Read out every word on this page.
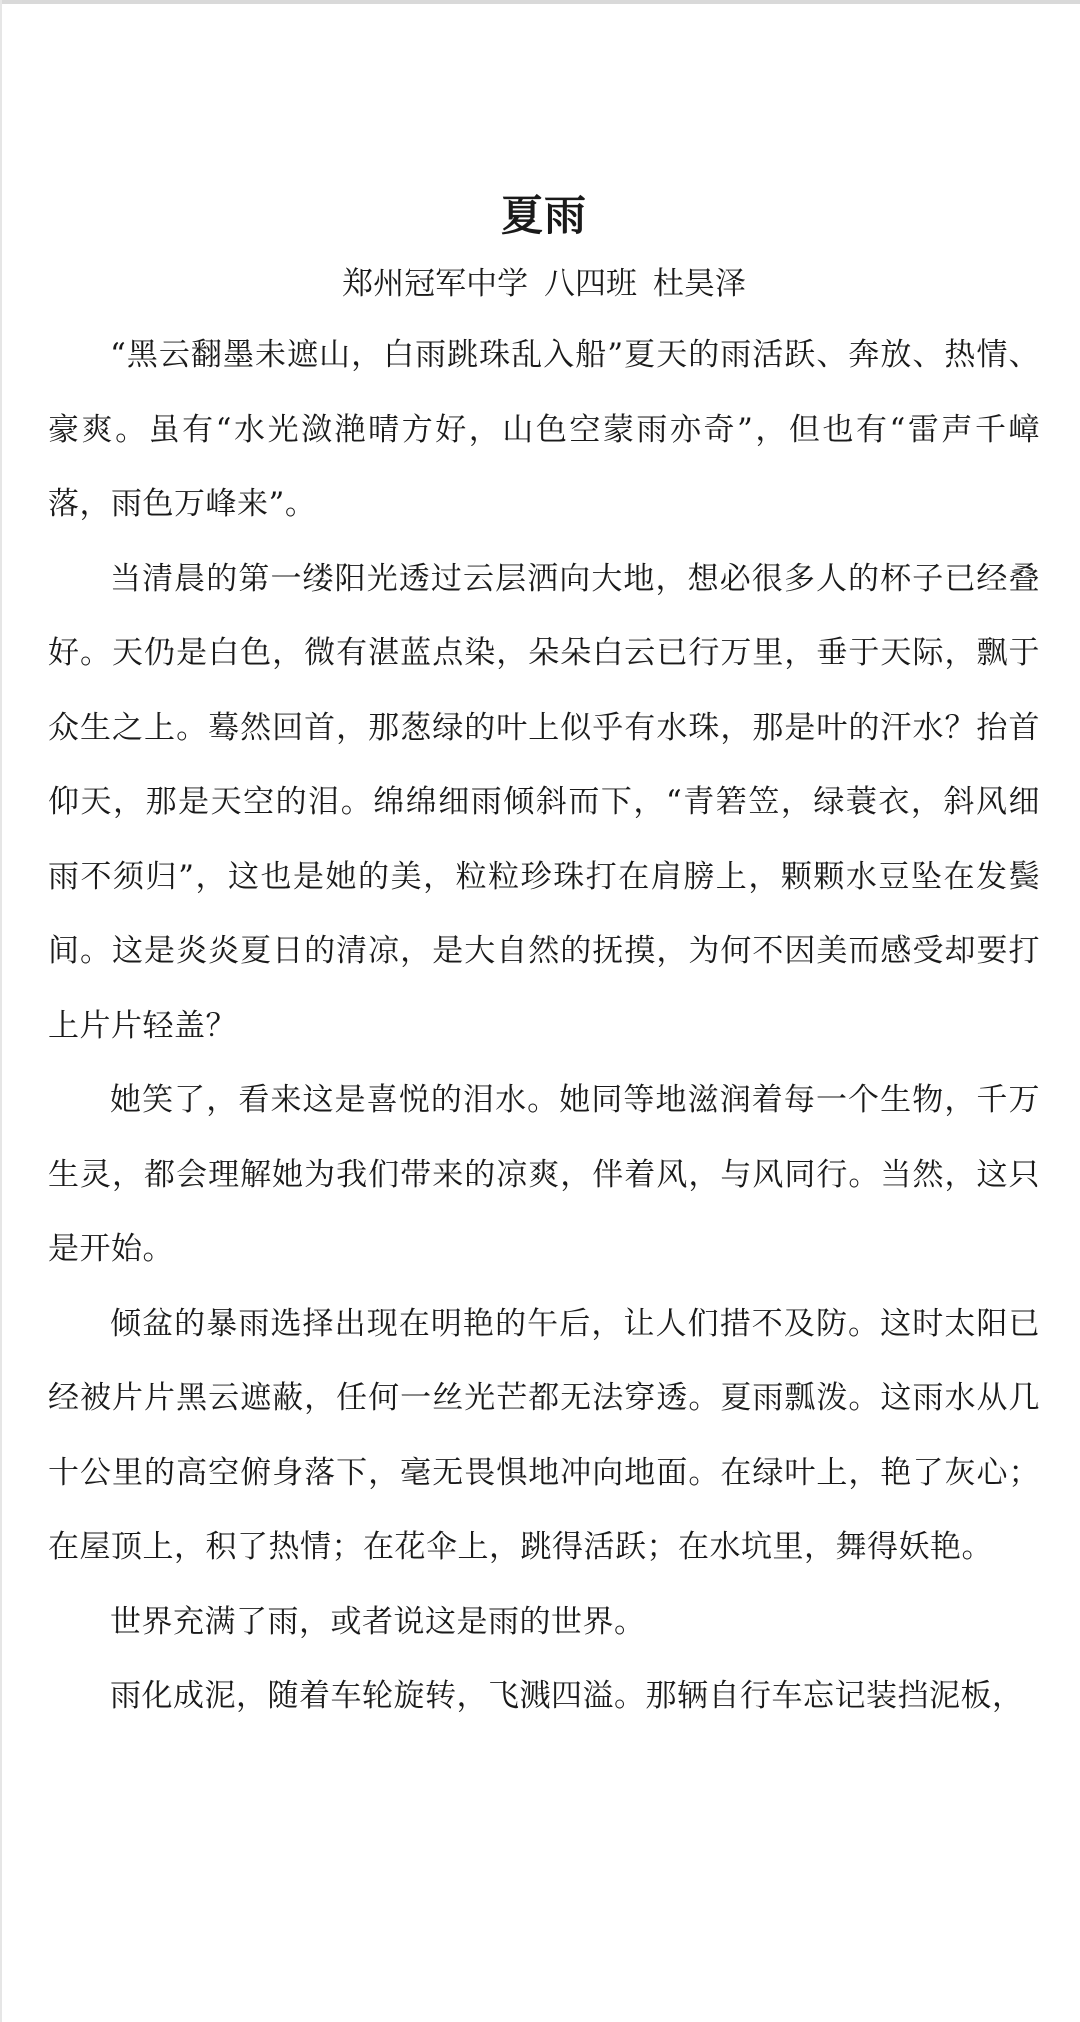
夏雨

郑州冠军中学 八四班 杜昊泽

“黑云翻墨未遮山，白雨跳珠乱入船”夏天的雨活跃、奔放、热情、豪爽。虽有“水光潋滟晴方好，山色空蒙雨亦奇”，但也有“雷声千嶂落，雨色万峰来”。

当清晨的第一缕阳光透过云层洒向大地，想必很多人的杯子已经叠好。天仍是白色，微有湛蓝点染，朵朵白云已行万里，垂于天际，飘于众生之上。蓦然回首，那葱绿的叶上似乎有水珠，那是叶的汗水？抬首仰天，那是天空的泪。绵绵细雨倾斜而下，“青箬笠，绿蓑衣，斜风细雨不须归”，这也是她的美，粒粒珍珠打在肩膀上，颗颗水豆坠在发鬓间。这是炎炎夏日的清凉，是大自然的抚摸，为何不因美而感受却要打上片片轻盖？

她笑了，看来这是喜悦的泪水。她同等地滋润着每一个生物，千万生灵，都会理解她为我们带来的凉爽，伴着风，与风同行。当然，这只是开始。

倾盆的暴雨选择出现在明艳的午后，让人们措不及防。这时太阳已经被片片黑云遮蔽，任何一丝光芒都无法穿透。夏雨瓢泼。这雨水从几十公里的高空俯身落下，毫无畏惧地冲向地面。在绿叶上，艳了灰心；在屋顶上，积了热情；在花伞上，跳得活跃；在水坑里，舞得妖艳。

世界充满了雨，或者说这是雨的世界。

雨化成泥，随着车轮旋转，飞溅四溢。那辆自行车忘记装挡泥板，
